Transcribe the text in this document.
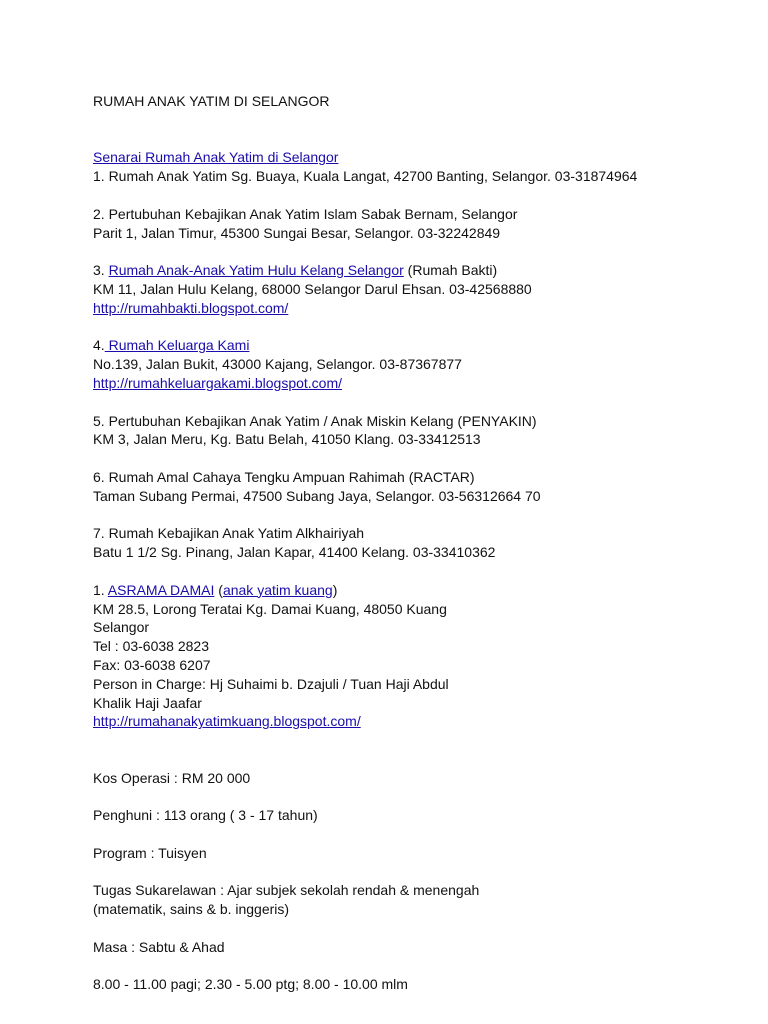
RUMAH ANAK YATIM DI SELANGOR
Senarai Rumah Anak Yatim di Selangor
1. Rumah Anak Yatim Sg. Buaya, Kuala Langat, 42700 Banting, Selangor. 03-31874964
2. Pertubuhan Kebajikan Anak Yatim Islam Sabak Bernam, Selangor
Parit 1, Jalan Timur, 45300 Sungai Besar, Selangor. 03-32242849
3. Rumah Anak-Anak Yatim Hulu Kelang Selangor (Rumah Bakti)
KM 11, Jalan Hulu Kelang, 68000 Selangor Darul Ehsan. 03-42568880
http://rumahbakti.blogspot.com/
4. Rumah Keluarga Kami
No.139, Jalan Bukit, 43000 Kajang, Selangor. 03-87367877
http://rumahkeluargakami.blogspot.com/
5. Pertubuhan Kebajikan Anak Yatim / Anak Miskin Kelang (PENYAKIN)
KM 3, Jalan Meru, Kg. Batu Belah, 41050 Klang. 03-33412513
6. Rumah Amal Cahaya Tengku Ampuan Rahimah (RACTAR)
Taman Subang Permai, 47500 Subang Jaya, Selangor. 03-56312664 70
7. Rumah Kebajikan Anak Yatim Alkhairiyah
Batu 1 1/2 Sg. Pinang, Jalan Kapar, 41400 Kelang. 03-33410362
1. ASRAMA DAMAI (anak yatim kuang)
KM 28.5, Lorong Teratai Kg. Damai Kuang, 48050 Kuang
Selangor
Tel : 03-6038 2823
Fax: 03-6038 6207
Person in Charge: Hj Suhaimi b. Dzajuli / Tuan Haji Abdul
Khalik Haji Jaafar
http://rumahanakyatimkuang.blogspot.com/
Kos Operasi : RM 20 000
Penghuni : 113 orang ( 3 - 17 tahun)
Program : Tuisyen
Tugas Sukarelawan : Ajar subjek sekolah rendah & menengah
(matematik, sains & b. inggeris)
Masa : Sabtu & Ahad
8.00 - 11.00 pagi; 2.30 - 5.00 ptg; 8.00 - 10.00 mlm
